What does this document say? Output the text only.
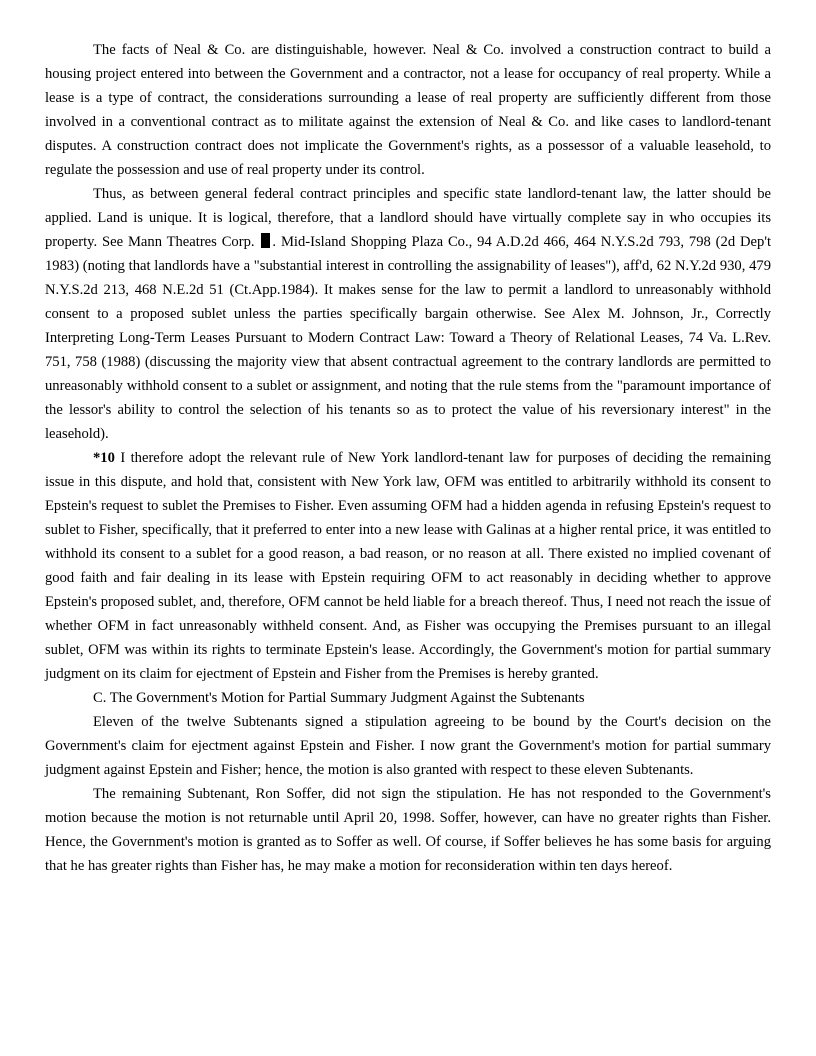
The facts of Neal & Co. are distinguishable, however. Neal & Co. involved a construction contract to build a housing project entered into between the Government and a contractor, not a lease for occupancy of real property. While a lease is a type of contract, the considerations surrounding a lease of real property are sufficiently different from those involved in a conventional contract as to militate against the extension of Neal & Co. and like cases to landlord-tenant disputes. A construction contract does not implicate the Government's rights, as a possessor of a valuable leasehold, to regulate the possession and use of real property under its control.

Thus, as between general federal contract principles and specific state landlord-tenant law, the latter should be applied. Land is unique. It is logical, therefore, that a landlord should have virtually complete say in who occupies its property. See Mann Theatres Corp. . Mid-Island Shopping Plaza Co., 94 A.D.2d 466, 464 N.Y.S.2d 793, 798 (2d Dep't 1983) (noting that landlords have a "substantial interest in controlling the assignability of leases"), aff'd, 62 N.Y.2d 930, 479 N.Y.S.2d 213, 468 N.E.2d 51 (Ct.App.1984). It makes sense for the law to permit a landlord to unreasonably withhold consent to a proposed sublet unless the parties specifically bargain otherwise. See Alex M. Johnson, Jr., Correctly Interpreting Long-Term Leases Pursuant to Modern Contract Law: Toward a Theory of Relational Leases, 74 Va. L.Rev. 751, 758 (1988) (discussing the majority view that absent contractual agreement to the contrary landlords are permitted to unreasonably withhold consent to a sublet or assignment, and noting that the rule stems from the "paramount importance of the lessor's ability to control the selection of his tenants so as to protect the value of his reversionary interest" in the leasehold).

*10 I therefore adopt the relevant rule of New York landlord-tenant law for purposes of deciding the remaining issue in this dispute, and hold that, consistent with New York law, OFM was entitled to arbitrarily withhold its consent to Epstein's request to sublet the Premises to Fisher. Even assuming OFM had a hidden agenda in refusing Epstein's request to sublet to Fisher, specifically, that it preferred to enter into a new lease with Galinas at a higher rental price, it was entitled to withhold its consent to a sublet for a good reason, a bad reason, or no reason at all. There existed no implied covenant of good faith and fair dealing in its lease with Epstein requiring OFM to act reasonably in deciding whether to approve Epstein's proposed sublet, and, therefore, OFM cannot be held liable for a breach thereof. Thus, I need not reach the issue of whether OFM in fact unreasonably withheld consent. And, as Fisher was occupying the Premises pursuant to an illegal sublet, OFM was within its rights to terminate Epstein's lease. Accordingly, the Government's motion for partial summary judgment on its claim for ejectment of Epstein and Fisher from the Premises is hereby granted.

C. The Government's Motion for Partial Summary Judgment Against the Subtenants

Eleven of the twelve Subtenants signed a stipulation agreeing to be bound by the Court's decision on the Government's claim for ejectment against Epstein and Fisher. I now grant the Government's motion for partial summary judgment against Epstein and Fisher; hence, the motion is also granted with respect to these eleven Subtenants.

The remaining Subtenant, Ron Soffer, did not sign the stipulation. He has not responded to the Government's motion because the motion is not returnable until April 20, 1998. Soffer, however, can have no greater rights than Fisher. Hence, the Government's motion is granted as to Soffer as well. Of course, if Soffer believes he has some basis for arguing that he has greater rights than Fisher has, he may make a motion for reconsideration within ten days hereof.
